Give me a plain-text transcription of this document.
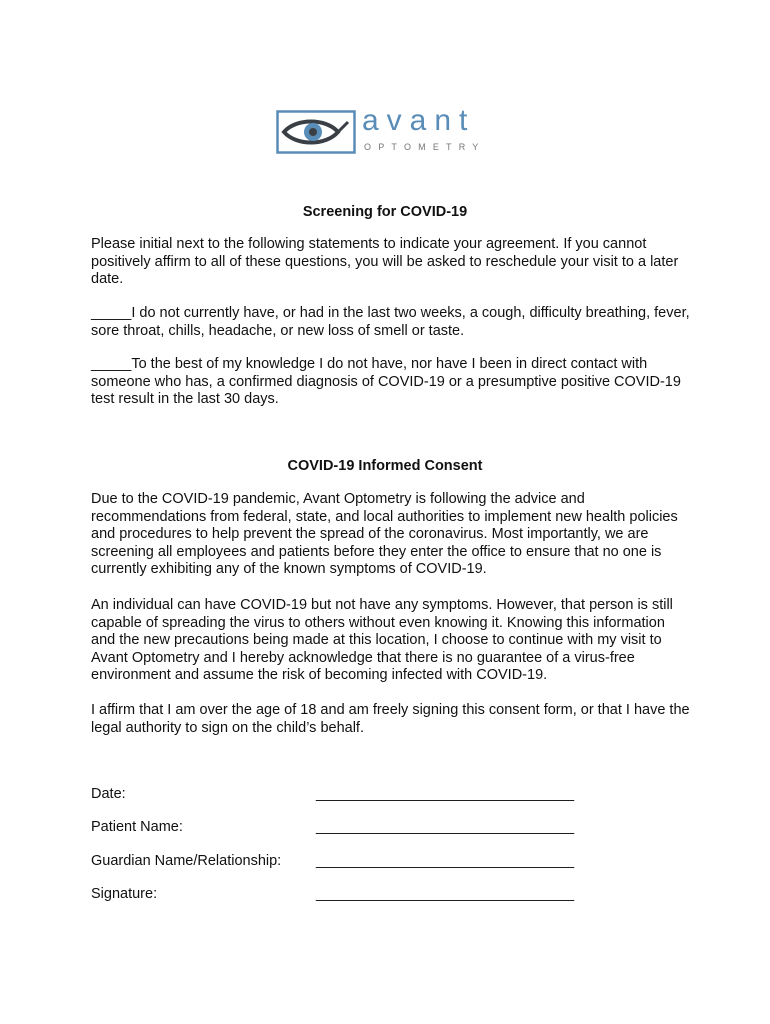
avant
OPTOMETRY
Screening for COVID-19
Please initial next to the following statements to indicate your agreement. If you cannot positively affirm to all of these questions, you will be asked to reschedule your visit to a later date.
_____I do not currently have, or had in the last two weeks, a cough, difficulty breathing, fever, sore throat, chills, headache, or new loss of smell or taste.
_____To the best of my knowledge I do not have, nor have I been in direct contact with someone who has, a confirmed diagnosis of COVID-19 or a presumptive positive COVID-19 test result in the last 30 days.
COVID-19 Informed Consent
Due to the COVID-19 pandemic, Avant Optometry is following the advice and recommendations from federal, state, and local authorities to implement new health policies and procedures to help prevent the spread of the coronavirus. Most importantly, we are screening all employees and patients before they enter the office to ensure that no one is currently exhibiting any of the known symptoms of COVID-19.
An individual can have COVID-19 but not have any symptoms. However, that person is still capable of spreading the virus to others without even knowing it. Knowing this information and the new precautions being made at this location, I choose to continue with my visit to Avant Optometry and I hereby acknowledge that there is no guarantee of a virus-free environment and assume the risk of becoming infected with COVID-19.
I affirm that I am over the age of 18 and am freely signing this consent form, or that I have the legal authority to sign on the child’s behalf.
Date:	________________________________
Patient Name:	________________________________
Guardian Name/Relationship: ________________________________
Signature:	________________________________
